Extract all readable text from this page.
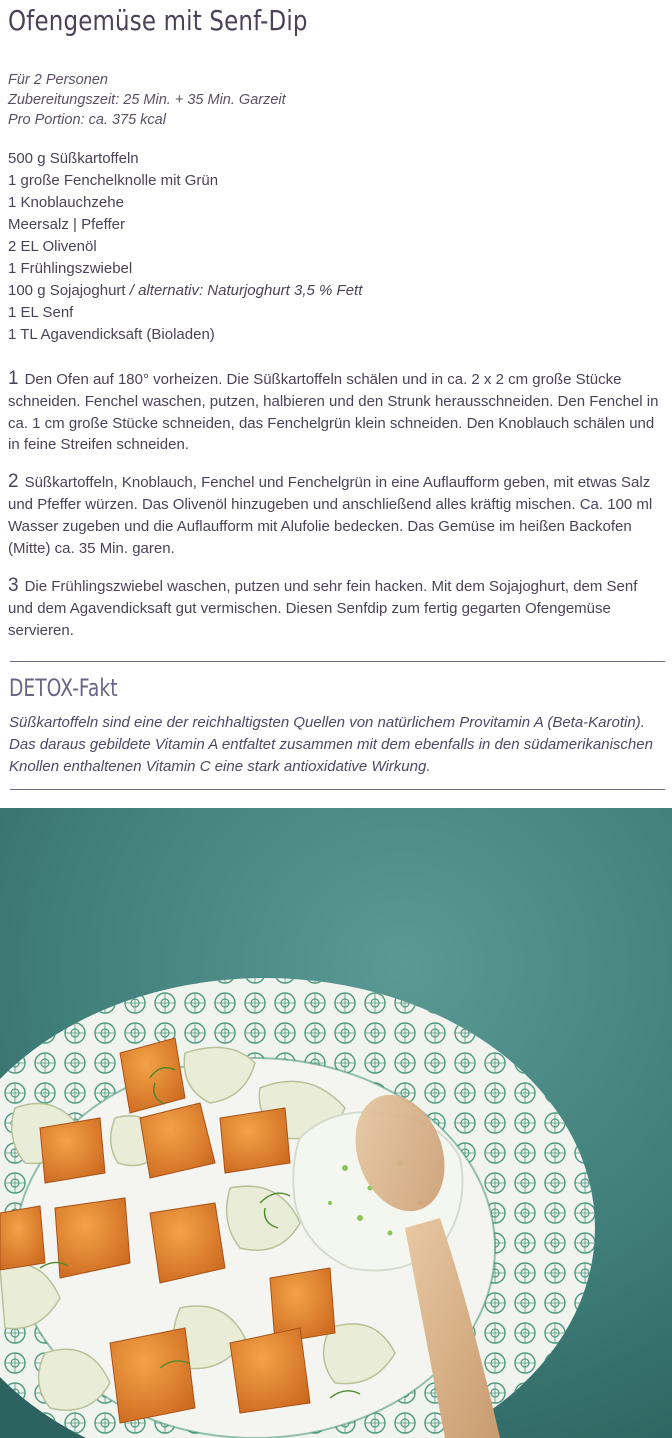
Ofengemüse mit Senf-Dip
Für 2 Personen
Zubereitungszeit: 25 Min. + 35 Min. Garzeit
Pro Portion: ca. 375 kcal
500 g Süßkartoffeln
1 große Fenchelknolle mit Grün
1 Knoblauchzehe
Meersalz | Pfeffer
2 EL Olivenöl
1 Frühlingszwiebel
100 g Sojajoghurt / alternativ: Naturjoghurt 3,5 % Fett
1 EL Senf
1 TL Agavendicksaft (Bioladen)

1 Den Ofen auf 180° vorheizen. Die Süßkartoffeln schälen und in ca. 2 x 2 cm große Stücke schneiden. Fenchel waschen, putzen, halbieren und den Strunk herausschneiden. Den Fenchel in ca. 1 cm große Stücke schneiden, das Fenchelgrün klein schneiden. Den Knoblauch schälen und in feine Streifen schneiden.

2 Süßkartoffeln, Knoblauch, Fenchel und Fenchelgrün in eine Auflaufform geben, mit etwas Salz und Pfeffer würzen. Das Olivenöl hinzugeben und anschließend alles kräftig mischen. Ca. 100 ml Wasser zugeben und die Auflaufform mit Alufolie bedecken. Das Gemüse im heißen Backofen (Mitte) ca. 35 Min. garen.

3 Die Frühlingszwiebel waschen, putzen und sehr fein hacken. Mit dem Sojajoghurt, dem Senf und dem Agavendicksaft gut vermischen. Diesen Senfdip zum fertig gegarten Ofengemüse servieren.

DETOX-Fakt
Süßkartoffeln sind eine der reichhaltigsten Quellen von natürlichem Provitamin A (Beta-Karotin). Das daraus gebildete Vitamin A entfaltet zusammen mit dem ebenfalls in den südamerikanischen Knollen enthaltenen Vitamin C eine stark antioxidative Wirkung.
